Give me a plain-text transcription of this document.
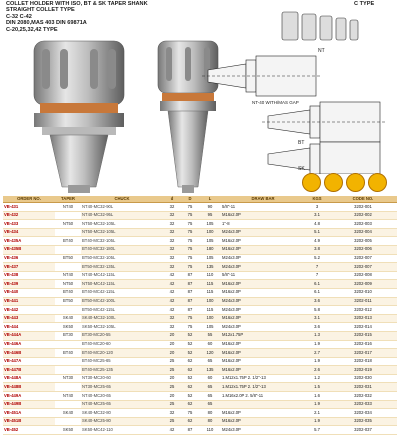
COLLET HOLDER WITH ISO, BT & SK TAPER SHANK
STRAIGHT COLLET TYPE
C-32 C-42
DIN 2080,MAS 403 DIN 69871A
C-20,25,32,42 TYPE
C TYPE
NT
NT-40 WITH/MAS GAP
BT
SK
ORDER NO.	TAPER	CHUCK	d	D	L	DRAW BAR	KGS	CODE NO.
VB-431	NT40	NT40-MC32-90L	32	75	90	5/8"-11	3	3202-001
VB-432		NT40-MC32-95L	32	75	95	M16x2.0P	3.1	3202-002
VB-433	NT50	NT50-MC32-105L	32	75	105	1"-8	4.8	3202-003
VB-434		NT50-MC32-105L	32	75	100	M24x3.0P	5.1	3202-004
VB-435A	BT40	BT40-MC32-105L	32	75	105	M16x2.0P	4.9	3202-005
VB-435B		BT40-MC32-180L	32	75	180	M16x2.0P	3.8	3202-006
VB-436	BT50	BT50-MC32-105L	32	75	105	M24x3.0P	5.2	3202-007
VB-437		BT50-MC32-135L	32	75	135	M24x3.0P	7	3202-007
VB-438	NT40	NT40-MC42-115L	42	87	110	5/8"-11	7	3202-008
VB-439	NT50	NT50-MC42-115L	42	87	115	M16x2.0P	6.1	3202-009
VB-440	BT40	BT40-MC42-115L	42	87	115	M16x2.0P	6.1	3202-010
VB-441	BT50	BT50-MC42-100L	42	87	100	M24x3.0P	3.6	3202-011
VB-442		BT50-MC42-115L	42	87	115	M24x3.0P	5.8	3202-012
VB-443	SK40	SK40-MC32-100L	32	75	100	M16x2.0P	3.1	3202-013
VB-444	SK50	SK50-MC32-105L	32	75	105	M24x3.0P	3.6	3202-014
VB-444A	BT30	BT30-MC20-55	20	52	55	M12x1.75P	1.3	3202-015
VB-446A		BT40-MC20-60	20	52	60	M16x2.0P	1.9	3202-016
VB-446B	BT40	BT40-MC20-120	20	52	120	M16x2.0P	2.7	3202-017
VB-447A		BT40-MC25-65	25	62	65	M16x2.0P	1.9	3202-018
VB-447B		BT40-MC25-135	25	62	135	M16x2.0P	2.6	3202-019
VB-448A	NT30	NT30-MC20-60	20	52	60	1.M12x1.75P 2. 1/2"-13	1.2	3202-030
VB-448B		NT30-MC25-65	25	62	65	1.M12x1.75P 2. 1/2"-13	1.5	3202-031
VB-449A	NT40	NT40-MC20-65	20	52	65	1.M16x2.0P 2. 5/8"-11	1.6	3202-032
VB-449B		NT40-MC25-65	25	62	65		1.9	3202-033
VB-451A	SK40	SK40-MC32-80	32	75	80	M16x2.0P	2.1	3202-034
VB-451B		SK40-MC25-80	25	62	80	M16x2.0P	1.9	3202-035
VB-452	SK50	SK50-MC42-110	42	87	110	M24x3.0P	5.7	3202-037
